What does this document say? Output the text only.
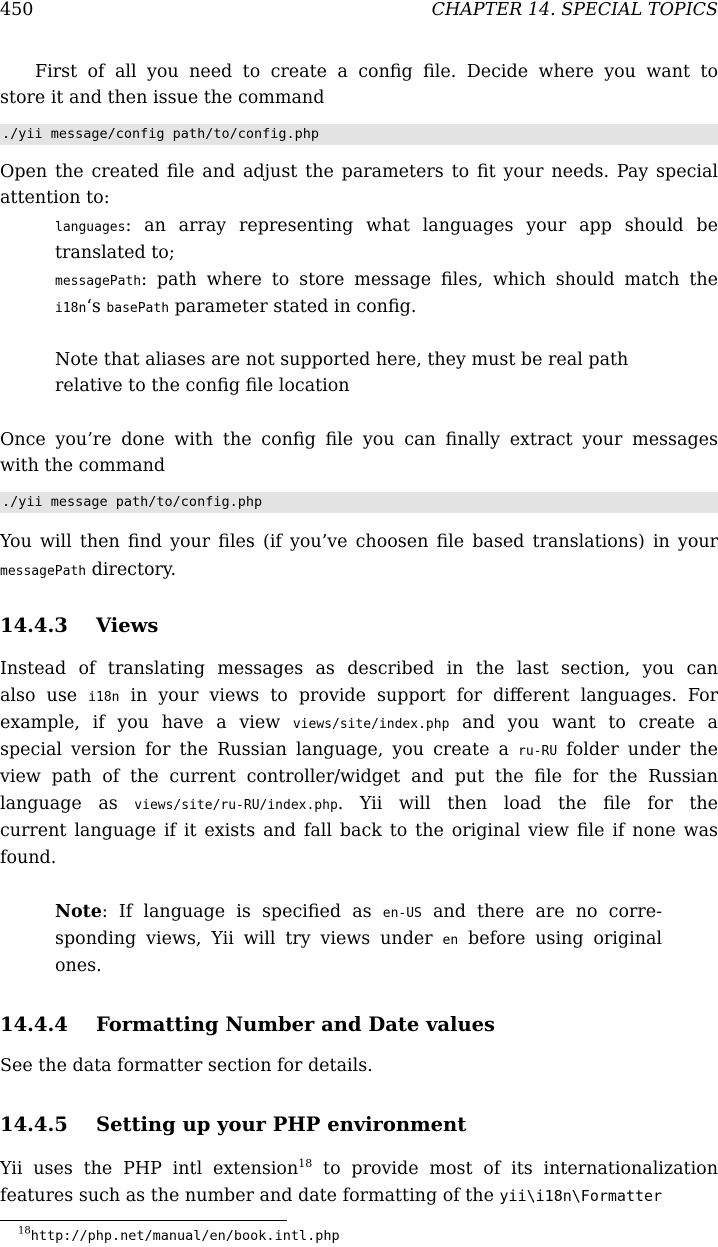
450	CHAPTER 14. SPECIAL TOPICS
First of all you need to create a config file. Decide where you want to
store it and then issue the command
./yii message/config path/to/config.php
Open the created file and adjust the parameters to fit your needs. Pay special
attention to:
languages: an array representing what languages your app should be
translated to;
messagePath: path where to store message files, which should match the
i18n‘s basePath parameter stated in config.
Note that aliases are not supported here, they must be real path
relative to the config file location
Once you’re done with the config file you can finally extract your messages
with the command
./yii message path/to/config.php
You will then find your files (if you’ve choosen file based translations) in your
messagePath directory.
14.4.3 Views
Instead of translating messages as described in the last section, you can
also use i18n in your views to provide support for different languages. For
example, if you have a view views/site/index.php and you want to create a
special version for the Russian language, you create a ru-RU folder under the
view path of the current controller/widget and put the file for the Russian
language as views/site/ru-RU/index.php. Yii will then load the file for the
current language if it exists and fall back to the original view file if none was
found.
Note: If language is specified as en-US and there are no corre-
sponding views, Yii will try views under en before using original
ones.
14.4.4 Formatting Number and Date values
See the data formatter section for details.
14.4.5 Setting up your PHP environment
Yii uses the PHP intl extension$^{18}$ to provide most of its internationalization
features such as the number and date formatting of the yii\i18n\Formatter
$^{18}$http://php.net/manual/en/book.intl.php
